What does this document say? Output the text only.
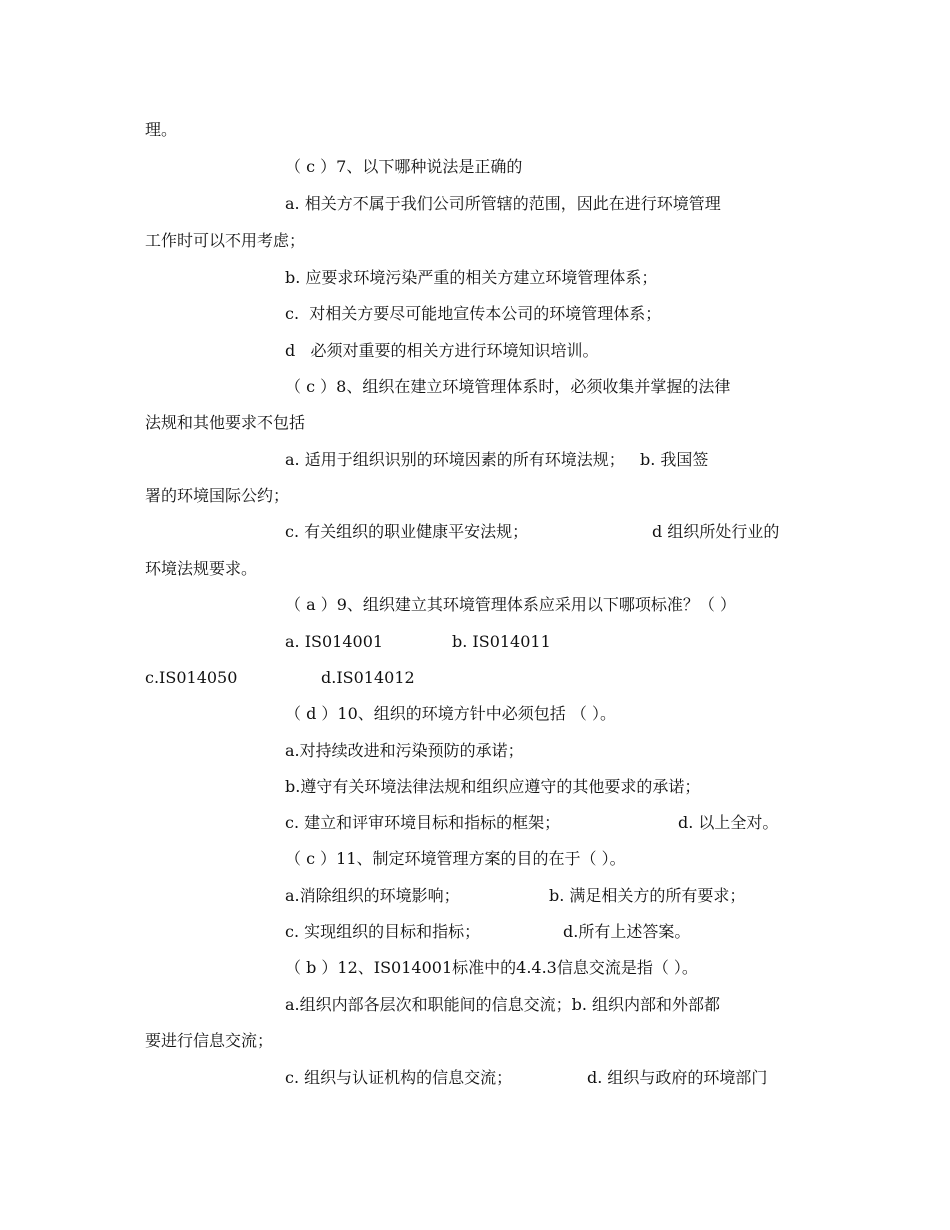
理。
（ c ）7、以下哪种说法是正确的
a. 相关方不属于我们公司所管辖的范围，因此在进行环境管理
工作时可以不用考虑；
b. 应要求环境污染严重的相关方建立环境管理体系；
c.  对相关方要尽可能地宣传本公司的环境管理体系；
d   必须对重要的相关方进行环境知识培训。
（ c ）8、组织在建立环境管理体系时，必须收集并掌握的法律
法规和其他要求不包括
a. 适用于组织识别的环境因素的所有环境法规；   b. 我国签
署的环境国际公约；
c. 有关组织的职业健康平安法规；	d 组织所处行业的
环境法规要求。
（ a ）9、组织建立其环境管理体系应采用以下哪项标准？（ ）
a. IS014001	b. IS014011
c.IS014050	d.IS014012
（ d ）10、组织的环境方针中必须包括 （ ）。
a.对持续改进和污染预防的承诺；
b.遵守有关环境法律法规和组织应遵守的其他要求的承诺；
c. 建立和评审环境目标和指标的框架；	d. 以上全对。
（ c ）11、制定环境管理方案的目的在于（ ）。
a.消除组织的环境影响；	b. 满足相关方的所有要求；
c. 实现组织的目标和指标；	d.所有上述答案。
（ b ）12、IS014001标准中的4.4.3信息交流是指（ ）。
a.组织内部各层次和职能间的信息交流；b. 组织内部和外部都
要进行信息交流；
c. 组织与认证机构的信息交流；	d. 组织与政府的环境部门
